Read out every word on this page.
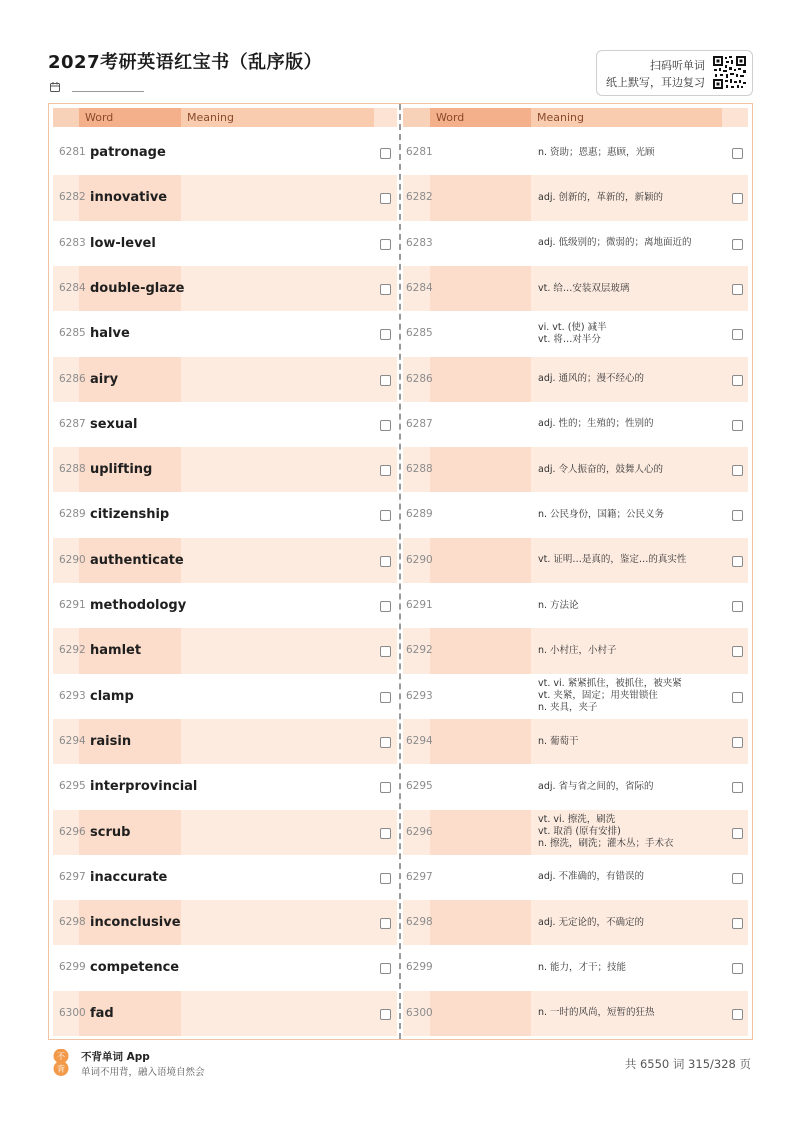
2027考研英语红宝书（乱序版）	扫码听单词
纸上默写，耳边复习
Word	Meaning
6281 patronage
6282 innovative
6283 low-level
6284 double-glaze
6285 halve
6286 airy
6287 sexual
6288 uplifting
6289 citizenship
6290 authenticate
6291 methodology
6292 hamlet
6293 clamp
6294 raisin
6295 interprovincial
6296 scrub
6297 inaccurate
6298 inconclusive
6299 competence
6300 fad
Word	Meaning
6281	n. 资助；恩惠；惠顾，光顾
6282	adj. 创新的，革新的，新颖的
6283	adj. 低级别的；微弱的；离地面近的
6284	vt. 给…安装双层玻璃
6285	vi. vt. (使) 减半
vt. 将…对半分
6286	adj. 通风的；漫不经心的
6287	adj. 性的；生殖的；性别的
6288	adj. 令人振奋的，鼓舞人心的
6289	n. 公民身份，国籍；公民义务
6290	vt. 证明…是真的，鉴定…的真实性
6291	n. 方法论
6292	n. 小村庄，小村子
6293
vt. vi. 紧紧抓住，被抓住，被夹紧
vt. 夹紧，固定；用夹钳锁住
n. 夹具，夹子
6294	n. 葡萄干
6295	adj. 省与省之间的，省际的
6296
vt. vi. 擦洗，刷洗
vt. 取消 (原有安排)
n. 擦洗，刷洗；灌木丛；手术衣
6297	adj. 不准确的，有错误的
6298	adj. 无定论的，不确定的
6299	n. 能力，才干；技能
6300	n. 一时的风尚，短暂的狂热
不
背
不背单词 App
单词不用背，融入语境自然会
共 6550 词 315/328 页
